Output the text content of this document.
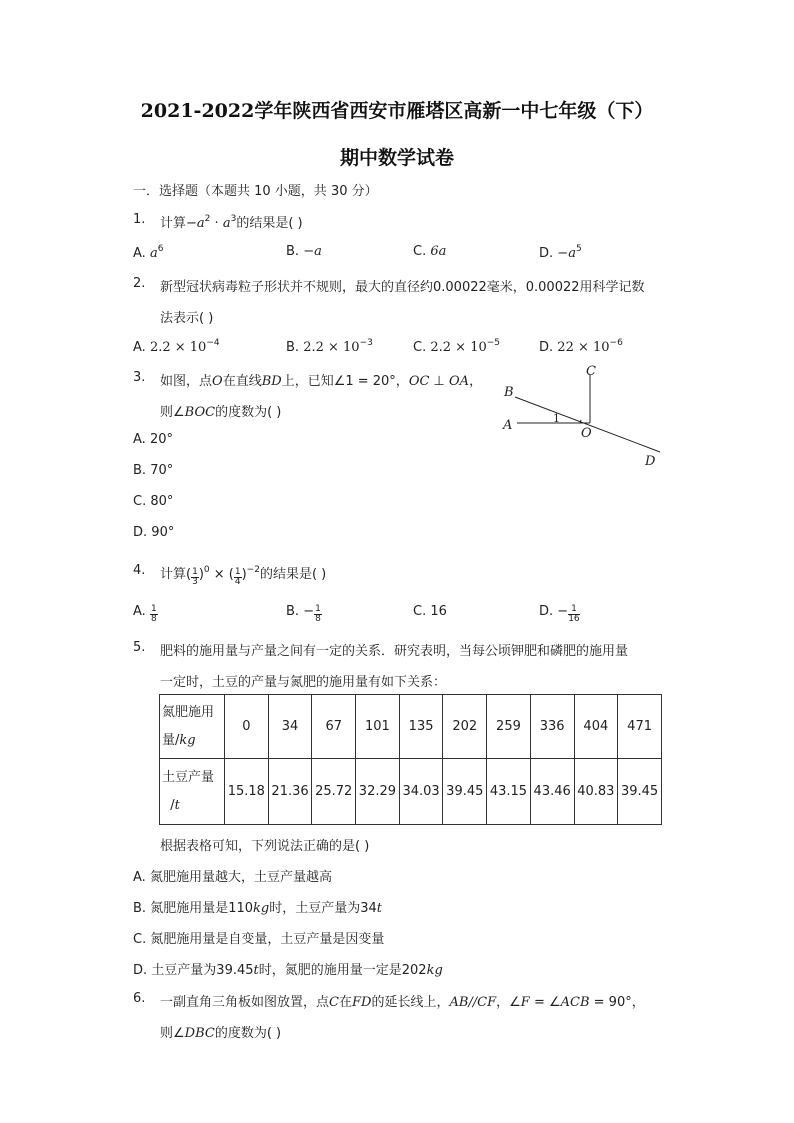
2021-2022学年陕西省西安市雁塔区高新一中七年级（下）
期中数学试卷
一．选择题（本题共 10 小题，共 30 分）
1. 计算$-a^2 \cdot a^3$的结果是( )
A. $a^6$	B. −a	C. 6a	D. $-a^5$
2. 新型冠状病毒粒子形状并不规则，最大的直径约0.00022毫米，0.00022用科学记数
法表示( )
A. $2.2 \times 10^{-4}$	B. $2.2 \times 10^{-3}$	C. $2.2 \times 10^{-5}$	D. $22 \times 10^{-6}$
3. 如图，点O在直线BD上，已知∠1 = 20°，OC ⊥ OA，
则∠BOC的度数为( )
A. 20°
B. 70°
C. 80°
D. 90°
B
C
A	1
O
D
4. 计算( $\frac{1}{3} )^0$ × ( $\frac{1}{4} )^{-2}$的结果是( )
A. $\frac{1}{8}$	B. − $\frac{1}{8}$	C. 16	D. − $\frac{1}{16}$
5. 肥料的施用量与产量之间有一定的关系．研究表明，当每公顷钾肥和磷肥的施用量
一定时，土豆的产量与氮肥的施用量有如下关系：
氮肥施用
量/kg	0	34	67	101	135	202	259	336	404	471
土豆产量
/t	15.18	21.36	25.72	32.29	34.03	39.45	43.15	43.46	40.83	39.45
根据表格可知，下列说法正确的是( )
A. 氮肥施用量越大，土豆产量越高
B. 氮肥施用量是110kg时，土豆产量为34t
C. 氮肥施用量是自变量，土豆产量是因变量
D. 土豆产量为39.45t时，氮肥的施用量一定是202kg
6. 一副直角三角板如图放置，点C在FD的延长线上，AB//CF，∠F = ∠ACB = 90°，
则∠DBC的度数为( )
